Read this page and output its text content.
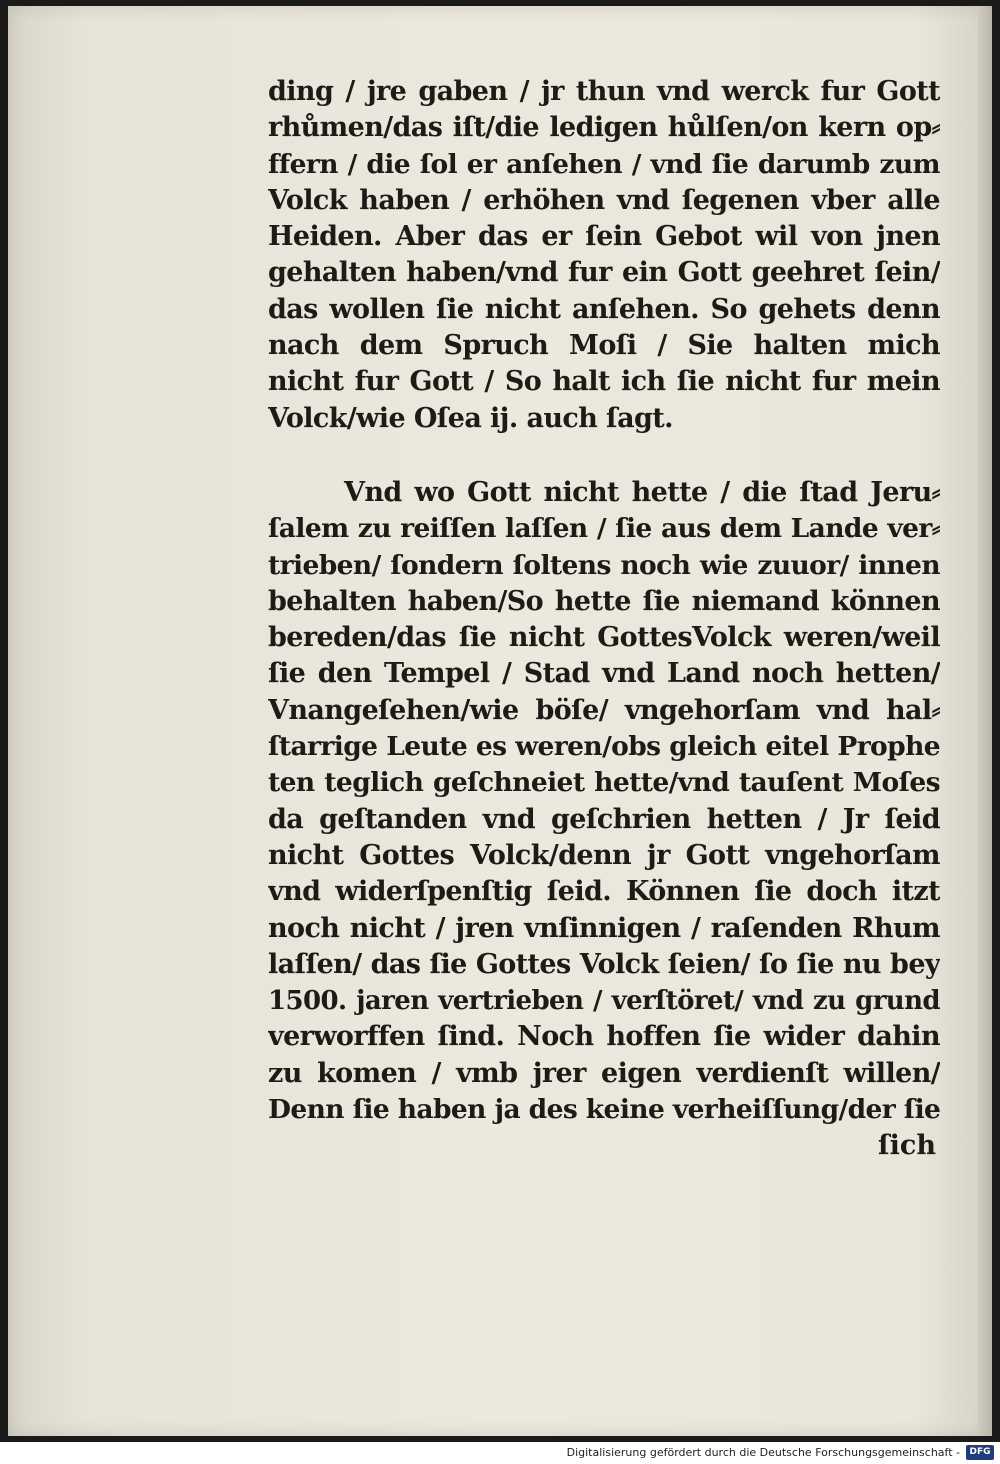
ding / jre gaben / jr thun vnd werck fur Gott
rhůmen/das iſt/die ledigen hůlſen/on kern op⸗
ffern / die ſol er anſehen / vnd ſie darumb zum
Volck haben / erhöhen vnd ſegenen vber alle
Heiden. Aber das er ſein Gebot wil von jnen
gehalten haben/vnd fur ein Gott geehret ſein/
das wollen ſie nicht anſehen. So gehets denn
nach dem Spruch Moſi / Sie halten mich
nicht fur Gott / So halt ich ſie nicht fur mein
Volck/wie Oſea ij. auch ſagt.
Vnd wo Gott nicht hette / die ſtad Jeru⸗
ſalem zu reiſſen laſſen / ſie aus dem Lande ver⸗
trieben/ ſondern ſoltens noch wie zuuor/ innen
behalten haben/So hette ſie niemand können
bereden/das ſie nicht GottesVolck weren/weil
ſie den Tempel / Stad vnd Land noch hetten/
Vnangeſehen/wie böſe/ vngehorſam vnd hal⸗
ſtarrige Leute es weren/obs gleich eitel Prophe
ten teglich geſchneiet hette/vnd tauſent Moſes
da geſtanden vnd geſchrien hetten / Jr ſeid
nicht Gottes Volck/denn jr Gott vngehorſam
vnd widerſpenſtig ſeid. Können ſie doch itzt
noch nicht / jren vnſinnigen / raſenden Rhum
laſſen/ das ſie Gottes Volck ſeien/ ſo ſie nu bey
1500. jaren vertrieben / verſtöret/ vnd zu grund
verworffen ſind. Noch hoffen ſie wider dahin
zu komen / vmb jrer eigen verdienſt willen/
Denn ſie haben ja des keine verheiſſung/der ſie
ſich
Digitalisierung gefördert durch die Deutsche Forschungsgemeinschaft -	DFG
